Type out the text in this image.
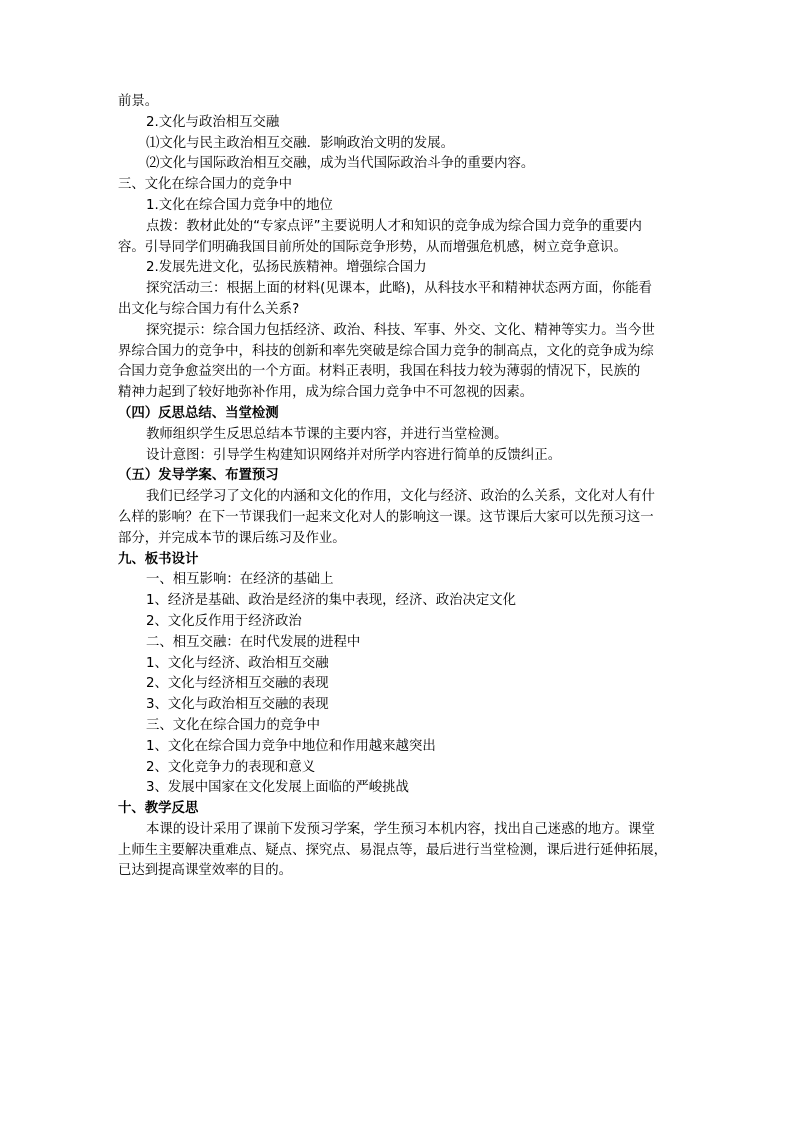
前景。
2.文化与政治相互交融
⑴文化与民主政治相互交融．影响政治文明的发展。
⑵文化与国际政治相互交融，成为当代国际政治斗争的重要内容。
三、文化在综合国力的竞争中
1.文化在综合国力竞争中的地位
点拨：教材此处的“专家点评”主要说明人才和知识的竞争成为综合国力竞争的重要内
容。引导同学们明确我国目前所处的国际竞争形势，从而增强危机感，树立竞争意识。
2.发展先进文化，弘扬民族精神。增强综合国力
探究活动三：根据上面的材料(见课本，此略)，从科技水平和精神状态两方面，你能看
出文化与综合国力有什么关系?
探究提示：综合国力包括经济、政治、科技、军事、外交、文化、精神等实力。当今世
界综合国力的竞争中，科技的创新和率先突破是综合国力竞争的制高点，文化的竞争成为综
合国力竞争愈益突出的一个方面。材料正表明，我国在科技力较为薄弱的情况下，民族的
精神力起到了较好地弥补作用，成为综合国力竞争中不可忽视的因素。
（四）反思总结、当堂检测
教师组织学生反思总结本节课的主要内容，并进行当堂检测。
设计意图：引导学生构建知识网络并对所学内容进行简单的反馈纠正。
（五）发导学案、布置预习
我们已经学习了文化的内涵和文化的作用，文化与经济、政治的么关系，文化对人有什
么样的影响？在下一节课我们一起来文化对人的影响这一课。这节课后大家可以先预习这一
部分，并完成本节的课后练习及作业。
九、板书设计
一、相互影响：在经济的基础上
1、经济是基础、政治是经济的集中表现，经济、政治决定文化
2、文化反作用于经济政治
二、相互交融：在时代发展的进程中
1、文化与经济、政治相互交融
2、文化与经济相互交融的表现
3、文化与政治相互交融的表现
三、文化在综合国力的竞争中
1、文化在综合国力竞争中地位和作用越来越突出
2、文化竞争力的表现和意义
3、发展中国家在文化发展上面临的严峻挑战
十、教学反思
本课的设计采用了课前下发预习学案，学生预习本机内容，找出自己迷惑的地方。课堂
上师生主要解决重难点、疑点、探究点、易混点等，最后进行当堂检测，课后进行延伸拓展，
已达到提高课堂效率的目的。
